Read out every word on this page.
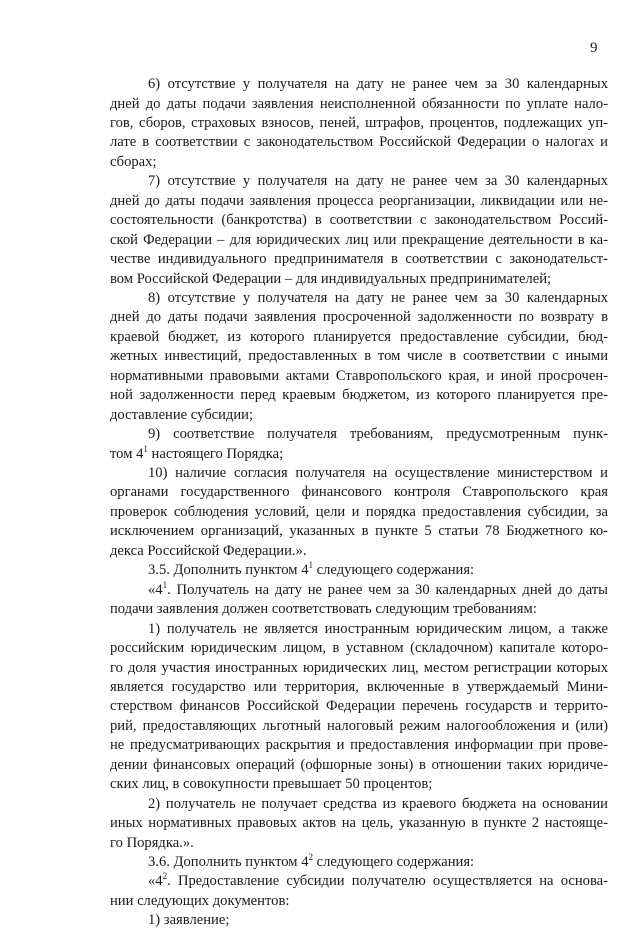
9
6) отсутствие у получателя на дату не ранее чем за 30 календарных
дней до даты подачи заявления неисполненной обязанности по уплате нало-
гов, сборов, страховых взносов, пеней, штрафов, процентов, подлежащих уп-
лате в соответствии с законодательством Российской Федерации о налогах и
сборах;
7) отсутствие у получателя на дату не ранее чем за 30 календарных
дней до даты подачи заявления процесса реорганизации, ликвидации или не-
состоятельности (банкротства) в соответствии с законодательством Россий-
ской Федерации – для юридических лиц или прекращение деятельности в ка-
честве индивидуального предпринимателя в соответствии с законодательст-
вом Российской Федерации – для индивидуальных предпринимателей;
8) отсутствие у получателя на дату не ранее чем за 30 календарных
дней до даты подачи заявления просроченной задолженности по возврату в
краевой бюджет, из которого планируется предоставление субсидии, бюд-
жетных инвестиций, предоставленных в том числе в соответствии с иными
нормативными правовыми актами Ставропольского края, и иной просрочен-
ной задолженности перед краевым бюджетом, из которого планируется пре-
доставление субсидии;
9) соответствие получателя требованиям, предусмотренным пунк-
том $4^1$ настоящего Порядка;
10) наличие согласия получателя на осуществление министерством и
органами государственного финансового контроля Ставропольского края
проверок соблюдения условий, цели и порядка предоставления субсидии, за
исключением организаций, указанных в пункте 5 статьи 78 Бюджетного ко-
декса Российской Федерации.».
3.5. Дополнить пунктом $4^1$ следующего содержания:
«$4^1$. Получатель на дату не ранее чем за 30 календарных дней до даты
подачи заявления должен соответствовать следующим требованиям:
1) получатель не является иностранным юридическим лицом, а также
российским юридическим лицом, в уставном (складочном) капитале которо-
го доля участия иностранных юридических лиц, местом регистрации которых
является государство или территория, включенные в утверждаемый Мини-
стерством финансов Российской Федерации перечень государств и террито-
рий, предоставляющих льготный налоговый режим налогообложения и (или)
не предусматривающих раскрытия и предоставления информации при прове-
дении финансовых операций (офшорные зоны) в отношении таких юридиче-
ских лиц, в совокупности превышает 50 процентов;
2) получатель не получает средства из краевого бюджета на основании
иных нормативных правовых актов на цель, указанную в пункте 2 настояще-
го Порядка.».
3.6. Дополнить пунктом $4^2$ следующего содержания:
«$4^2$. Предоставление субсидии получателю осуществляется на основа-
нии следующих документов:
1) заявление;
